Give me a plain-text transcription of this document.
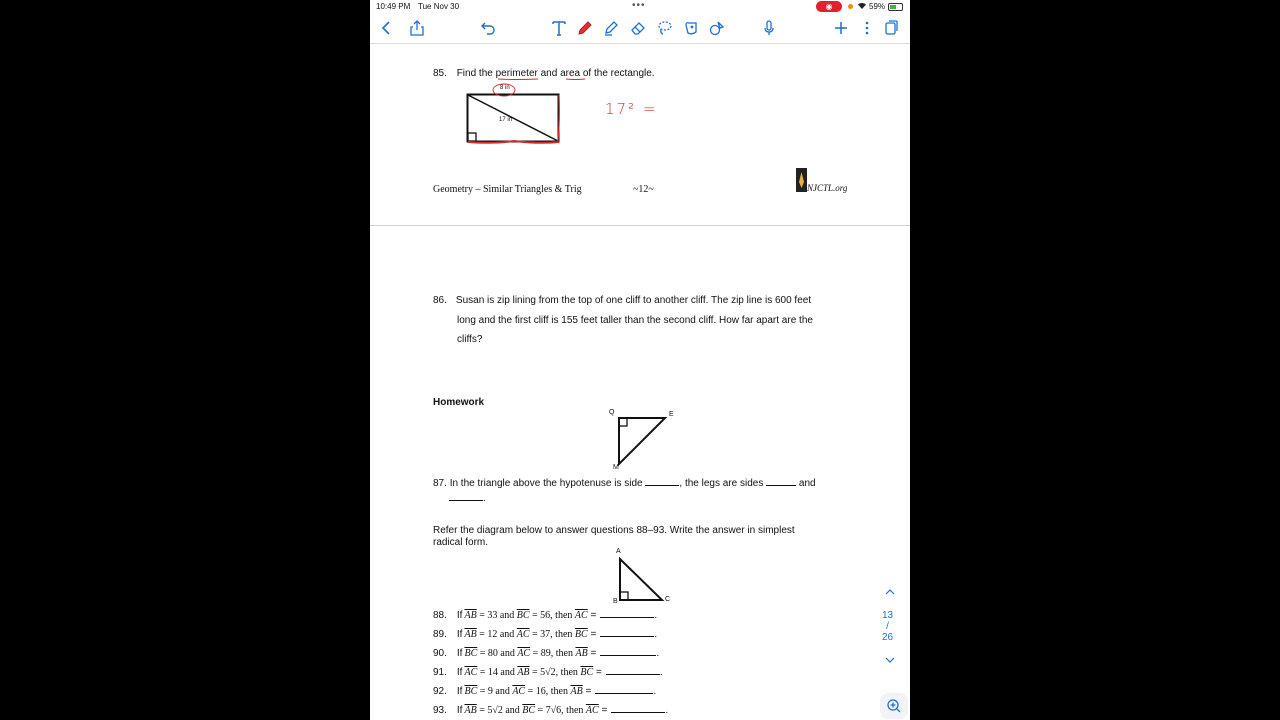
10:49 PM Tue Nov 30	•••	◉	59%
85. Find the perimeter and area of the rectangle.
8 in
17 in
17² =
Geometry – Similar Triangles & Trig	~12~	NJCTL.org
86. Susan is zip lining from the top of one cliff to another cliff. The zip line is 600 feet
long and the first cliff is 155 feet taller than the second cliff. How far apart are the
cliffs?
Homework
Q	E
M
87. In the triangle above the hypotenuse is side	, the legs are sides	and
.
Refer the diagram below to answer questions 88–93. Write the answer in simplest
radical form.
A
B	C
88. If $\overline{AB} = 33$ and $\overline{BC} = 56$, then $\overline{AC}$ =	.
89. If $\overline{AB} = 12$ and $\overline{AC} = 37$, then $\overline{BC}$ =	.
90. If $\overline{BC} = 80$ and $\overline{AC} = 89$, then $\overline{AB}$ =	.
91. If $\overline{AC} = 14$ and $\overline{AB} = 5√2$, then $\overline{BC}$ =	.
92. If $\overline{BC} = 9$ and $\overline{AC} = 16$, then $\overline{AB}$ =	.
93. If $\overline{AB} = 5√2$ and $\overline{BC} = 7√6$, then $\overline{AC}$ =	.
13
/
26
